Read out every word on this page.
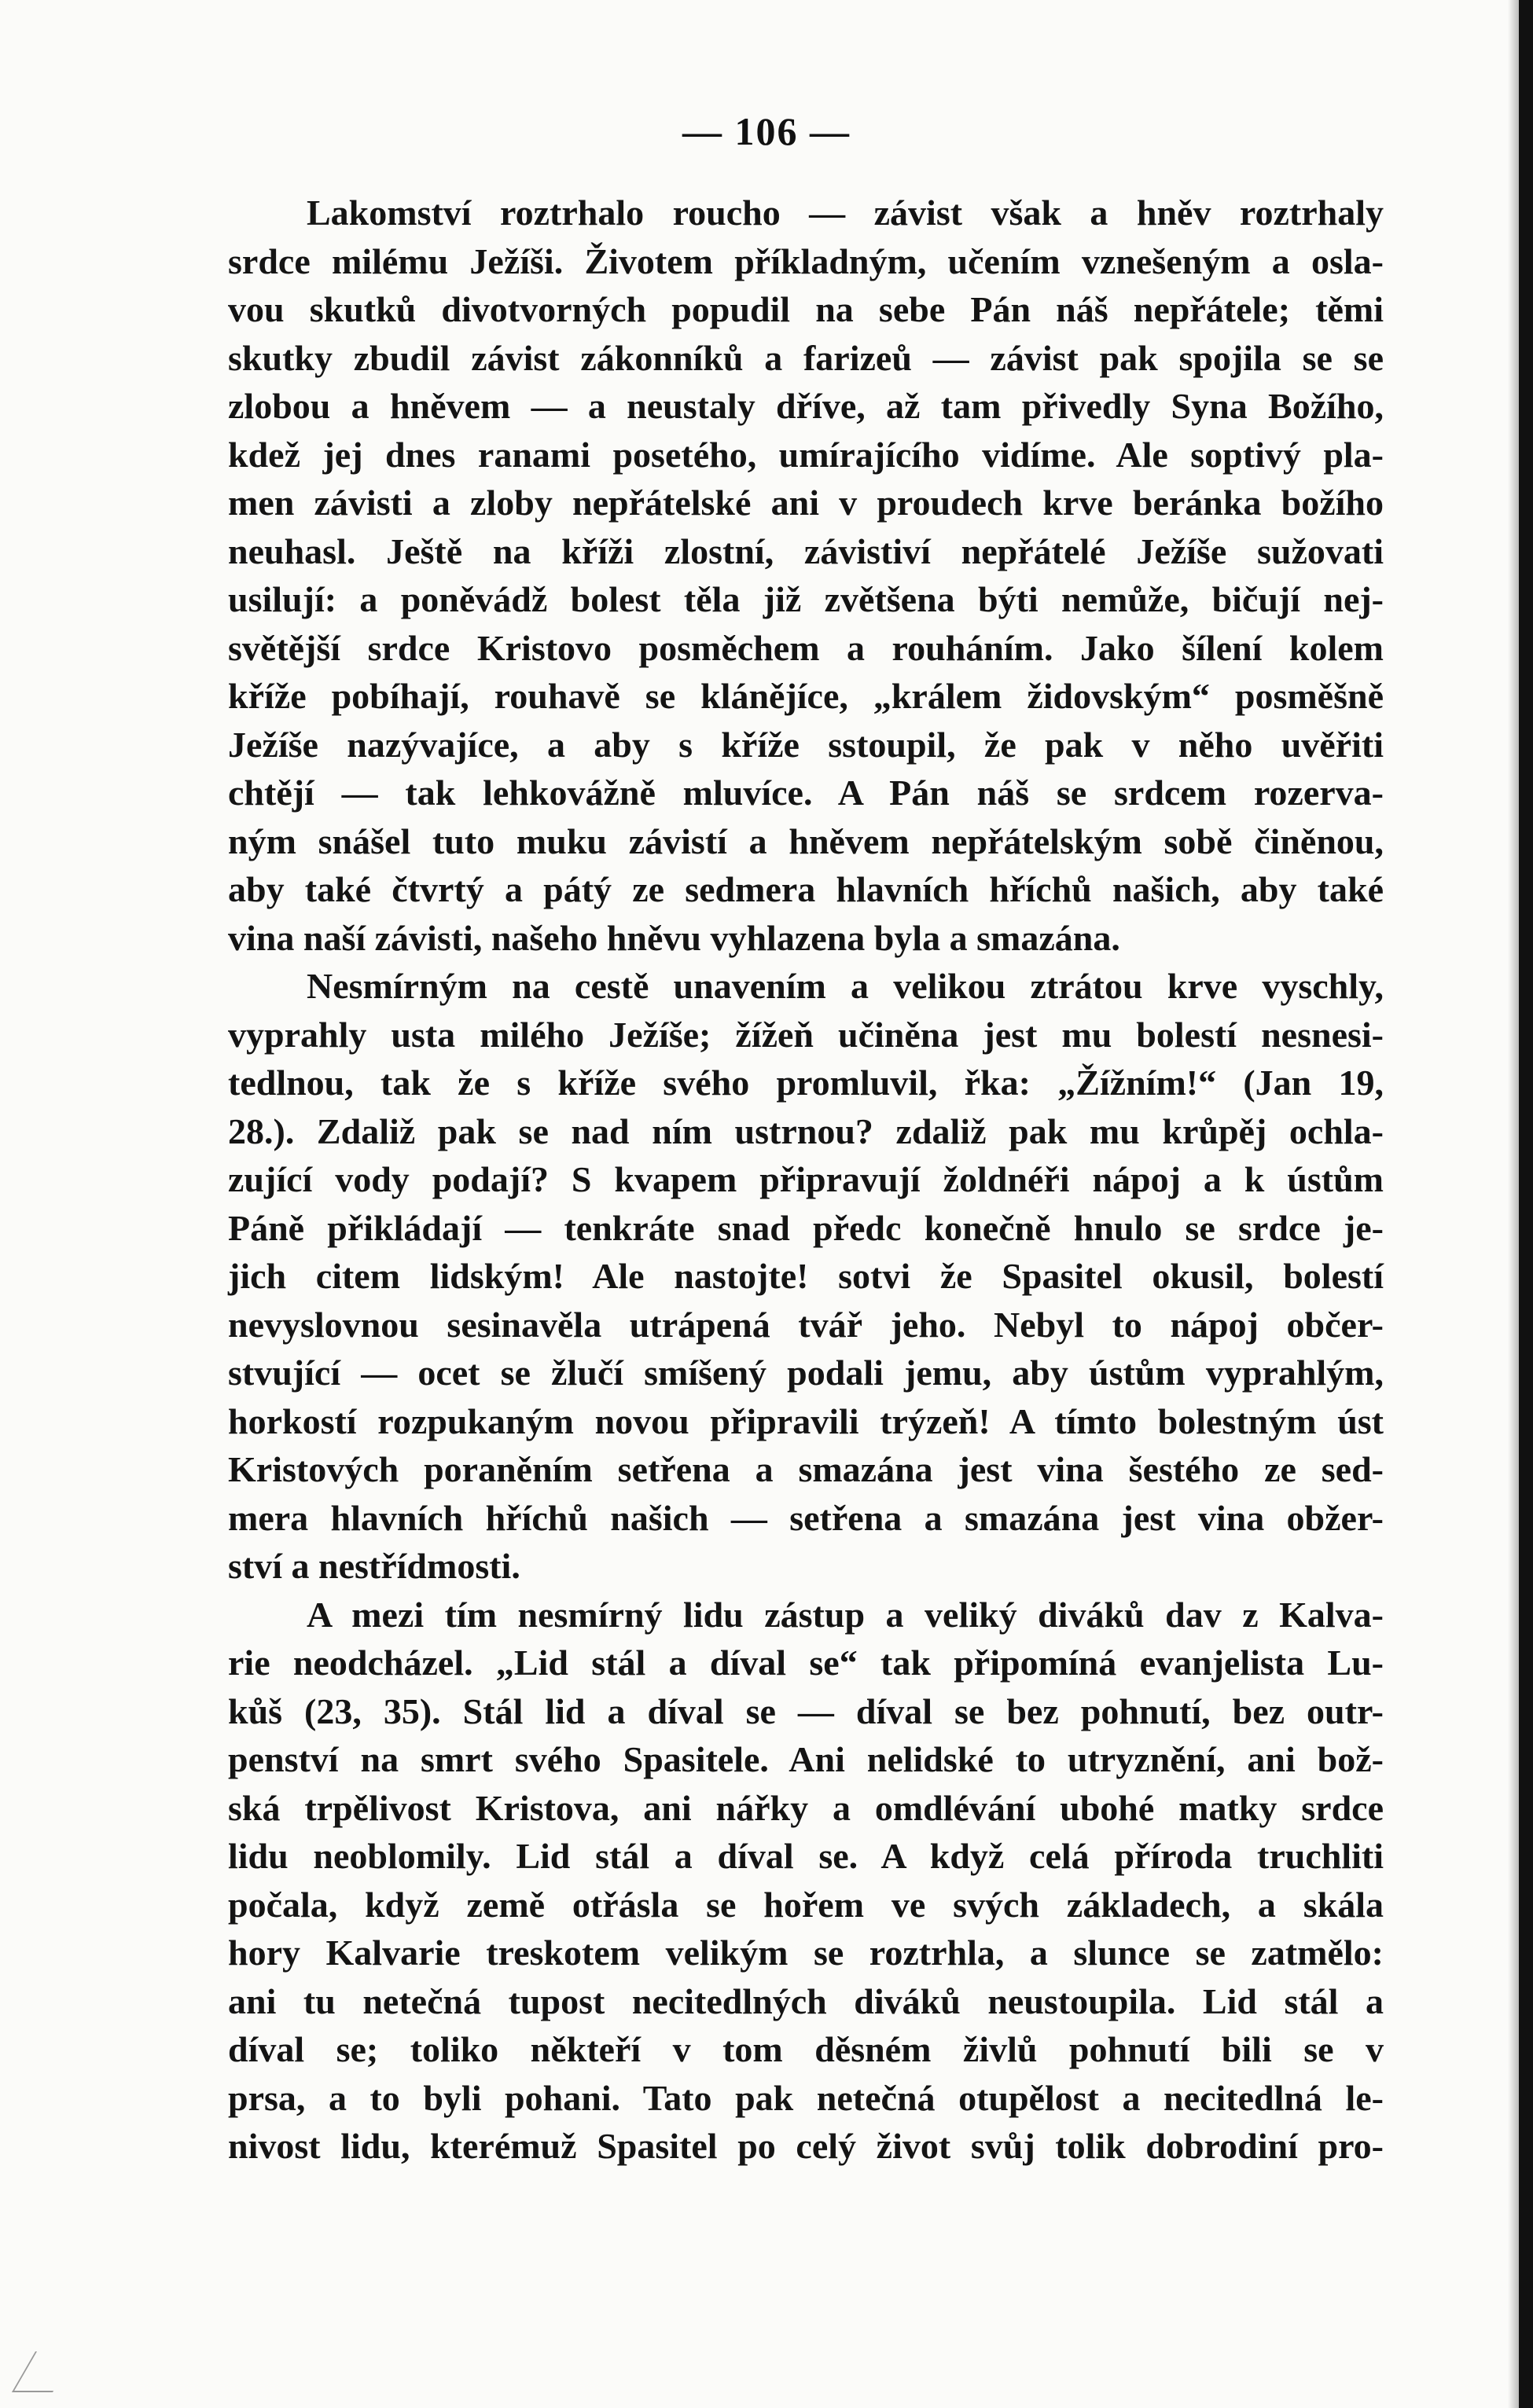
— 106 —
Lakomství roztrhalo roucho — závist však a hněv roztrhaly
srdce milému Ježíši. Životem příkladným, učením vznešeným a osla-
vou skutků divotvorných popudil na sebe Pán náš nepřátele; těmi
skutky zbudil závist zákonníků a farizeů — závist pak spojila se se
zlobou a hněvem — a neustaly dříve, až tam přivedly Syna Božího,
kdež jej dnes ranami posetého, umírajícího vidíme. Ale soptivý pla-
men závisti a zloby nepřátelské ani v proudech krve beránka božího
neuhasl. Ještě na kříži zlostní, závistiví nepřátelé Ježíše sužovati
usilují: a poněvádž bolest těla již zvětšena býti nemůže, bičují nej-
světější srdce Kristovo posměchem a rouháním. Jako šílení kolem
kříže pobíhají, rouhavě se klánějíce, „králem židovským“ posměšně
Ježíše nazývajíce, a aby s kříže sstoupil, že pak v něho uvěřiti
chtějí — tak lehkovážně mluvíce. A Pán náš se srdcem rozerva-
ným snášel tuto muku závistí a hněvem nepřátelským sobě činěnou,
aby také čtvrtý a pátý ze sedmera hlavních hříchů našich, aby také
vina naší závisti, našeho hněvu vyhlazena byla a smazána.
Nesmírným na cestě unavením a velikou ztrátou krve vyschly,
vyprahly usta milého Ježíše; žížeň učiněna jest mu bolestí nesnesi-
tedlnou, tak že s kříže svého promluvil, řka: „Žížním!“ (Jan 19,
28.). Zdaliž pak se nad ním ustrnou? zdaliž pak mu krůpěj ochla-
zující vody podají? S kvapem připravují žoldnéři nápoj a k ústům
Páně přikládají — tenkráte snad předc konečně hnulo se srdce je-
jich citem lidským! Ale nastojte! sotvi že Spasitel okusil, bolestí
nevyslovnou sesinavěla utrápená tvář jeho. Nebyl to nápoj občer-
stvující — ocet se žlučí smíšený podali jemu, aby ústům vyprahlým,
horkostí rozpukaným novou připravili trýzeň! A tímto bolestným úst
Kristových poraněním setřena a smazána jest vina šestého ze sed-
mera hlavních hříchů našich — setřena a smazána jest vina obžer-
ství a nestřídmosti.
A mezi tím nesmírný lidu zástup a veliký diváků dav z Kalva-
rie neodcházel. „Lid stál a díval se“ tak připomíná evanjelista Lu-
kůš (23, 35). Stál lid a díval se — díval se bez pohnutí, bez outr-
penství na smrt svého Spasitele. Ani nelidské to utryznění, ani bož-
ská trpělivost Kristova, ani nářky a omdlévání ubohé matky srdce
lidu neoblomily. Lid stál a díval se. A když celá příroda truchliti
počala, když země otřásla se hořem ve svých základech, a skála
hory Kalvarie treskotem velikým se roztrhla, a slunce se zatmělo:
ani tu netečná tupost necitedlných diváků neustoupila. Lid stál a
díval se; toliko někteří v tom děsném živlů pohnutí bili se v
prsa, a to byli pohani. Tato pak netečná otupělost a necitedlná le-
nivost lidu, kterémuž Spasitel po celý život svůj tolik dobrodiní pro-
